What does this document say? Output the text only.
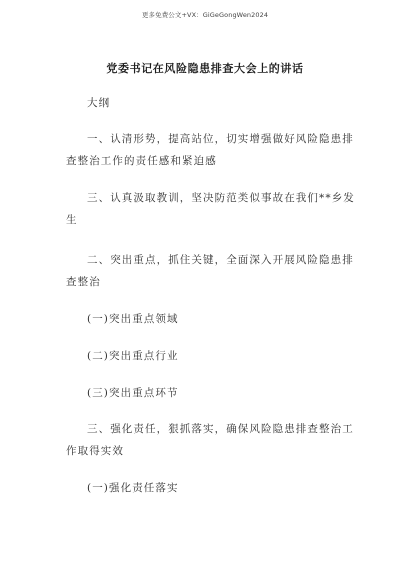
更多免费公文+VX：GiGeGongWen2024
党委书记在风险隐患排查大会上的讲话
大纲
一、认清形势，提高站位，切实增强做好风险隐患排
查整治工作的责任感和紧迫感
三、认真汲取教训，坚决防范类似事故在我们**乡发
生
二、突出重点，抓住关键，全面深入开展风险隐患排
查整治
(一)突出重点领域
(二)突出重点行业
(三)突出重点环节
三、强化责任，狠抓落实，确保风险隐患排查整治工
作取得实效
(一)强化责任落实
